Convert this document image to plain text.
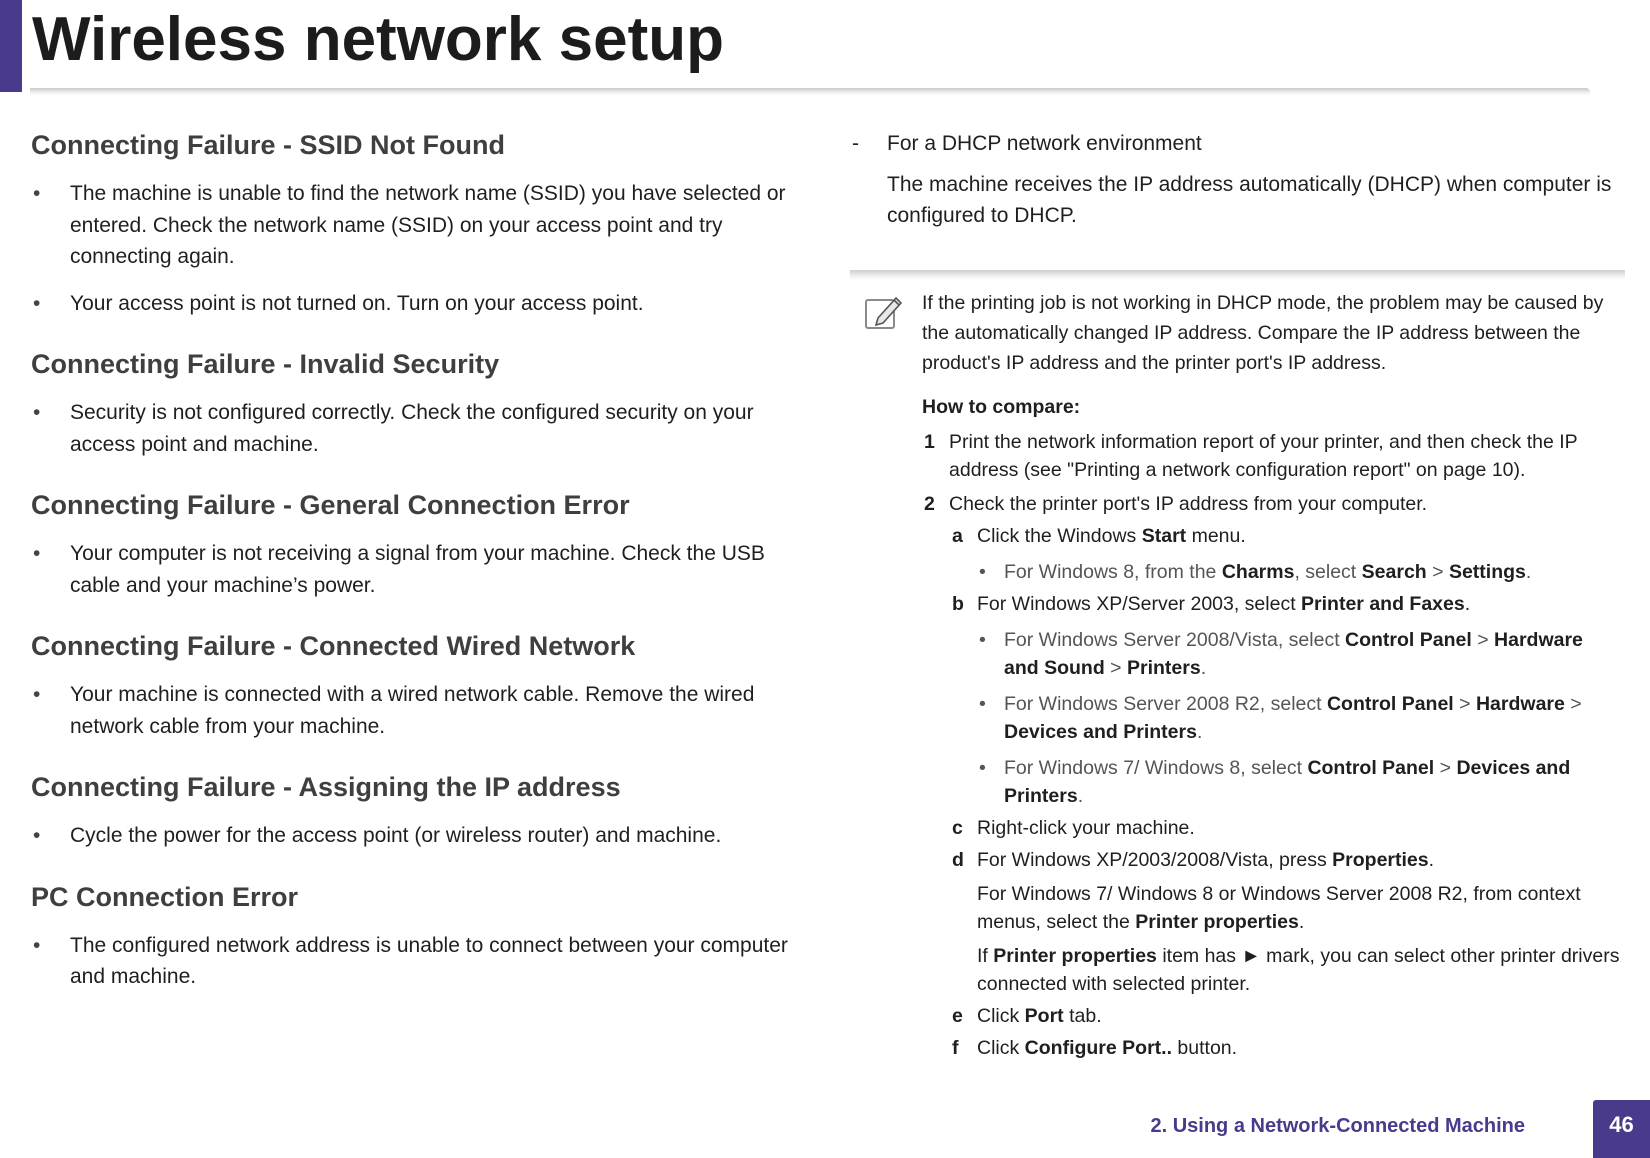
Wireless network setup
Connecting Failure - SSID Not Found
• The machine is unable to find the network name (SSID) you have selected or entered. Check the network name (SSID) on your access point and try connecting again.
• Your access point is not turned on. Turn on your access point.
Connecting Failure - Invalid Security
• Security is not configured correctly. Check the configured security on your access point and machine.
Connecting Failure - General Connection Error
• Your computer is not receiving a signal from your machine. Check the USB cable and your machine’s power.
Connecting Failure - Connected Wired Network
• Your machine is connected with a wired network cable. Remove the wired network cable from your machine.
Connecting Failure - Assigning the IP address
• Cycle the power for the access point (or wireless router) and machine.
PC Connection Error
• The configured network address is unable to connect between your computer and machine.
- For a DHCP network environment
The machine receives the IP address automatically (DHCP) when computer is configured to DHCP.
If the printing job is not working in DHCP mode, the problem may be caused by the automatically changed IP address. Compare the IP address between the product's IP address and the printer port's IP address.
How to compare:
1 Print the network information report of your printer, and then check the IP address (see "Printing a network configuration report" on page 10).
2 Check the printer port's IP address from your computer.
a Click the Windows Start menu.
• For Windows 8, from the Charms, select Search > Settings.
b For Windows XP/Server 2003, select Printer and Faxes.
• For Windows Server 2008/Vista, select Control Panel > Hardware and Sound > Printers.
• For Windows Server 2008 R2, select Control Panel > Hardware > Devices and Printers.
• For Windows 7/ Windows 8, select Control Panel > Devices and Printers.
c Right-click your machine.
d For Windows XP/2003/2008/Vista, press Properties.
For Windows 7/ Windows 8 or Windows Server 2008 R2, from context menus, select the Printer properties.
If Printer properties item has ► mark, you can select other printer drivers connected with selected printer.
e Click Port tab.
f Click Configure Port.. button.
2. Using a Network-Connected Machine	46
